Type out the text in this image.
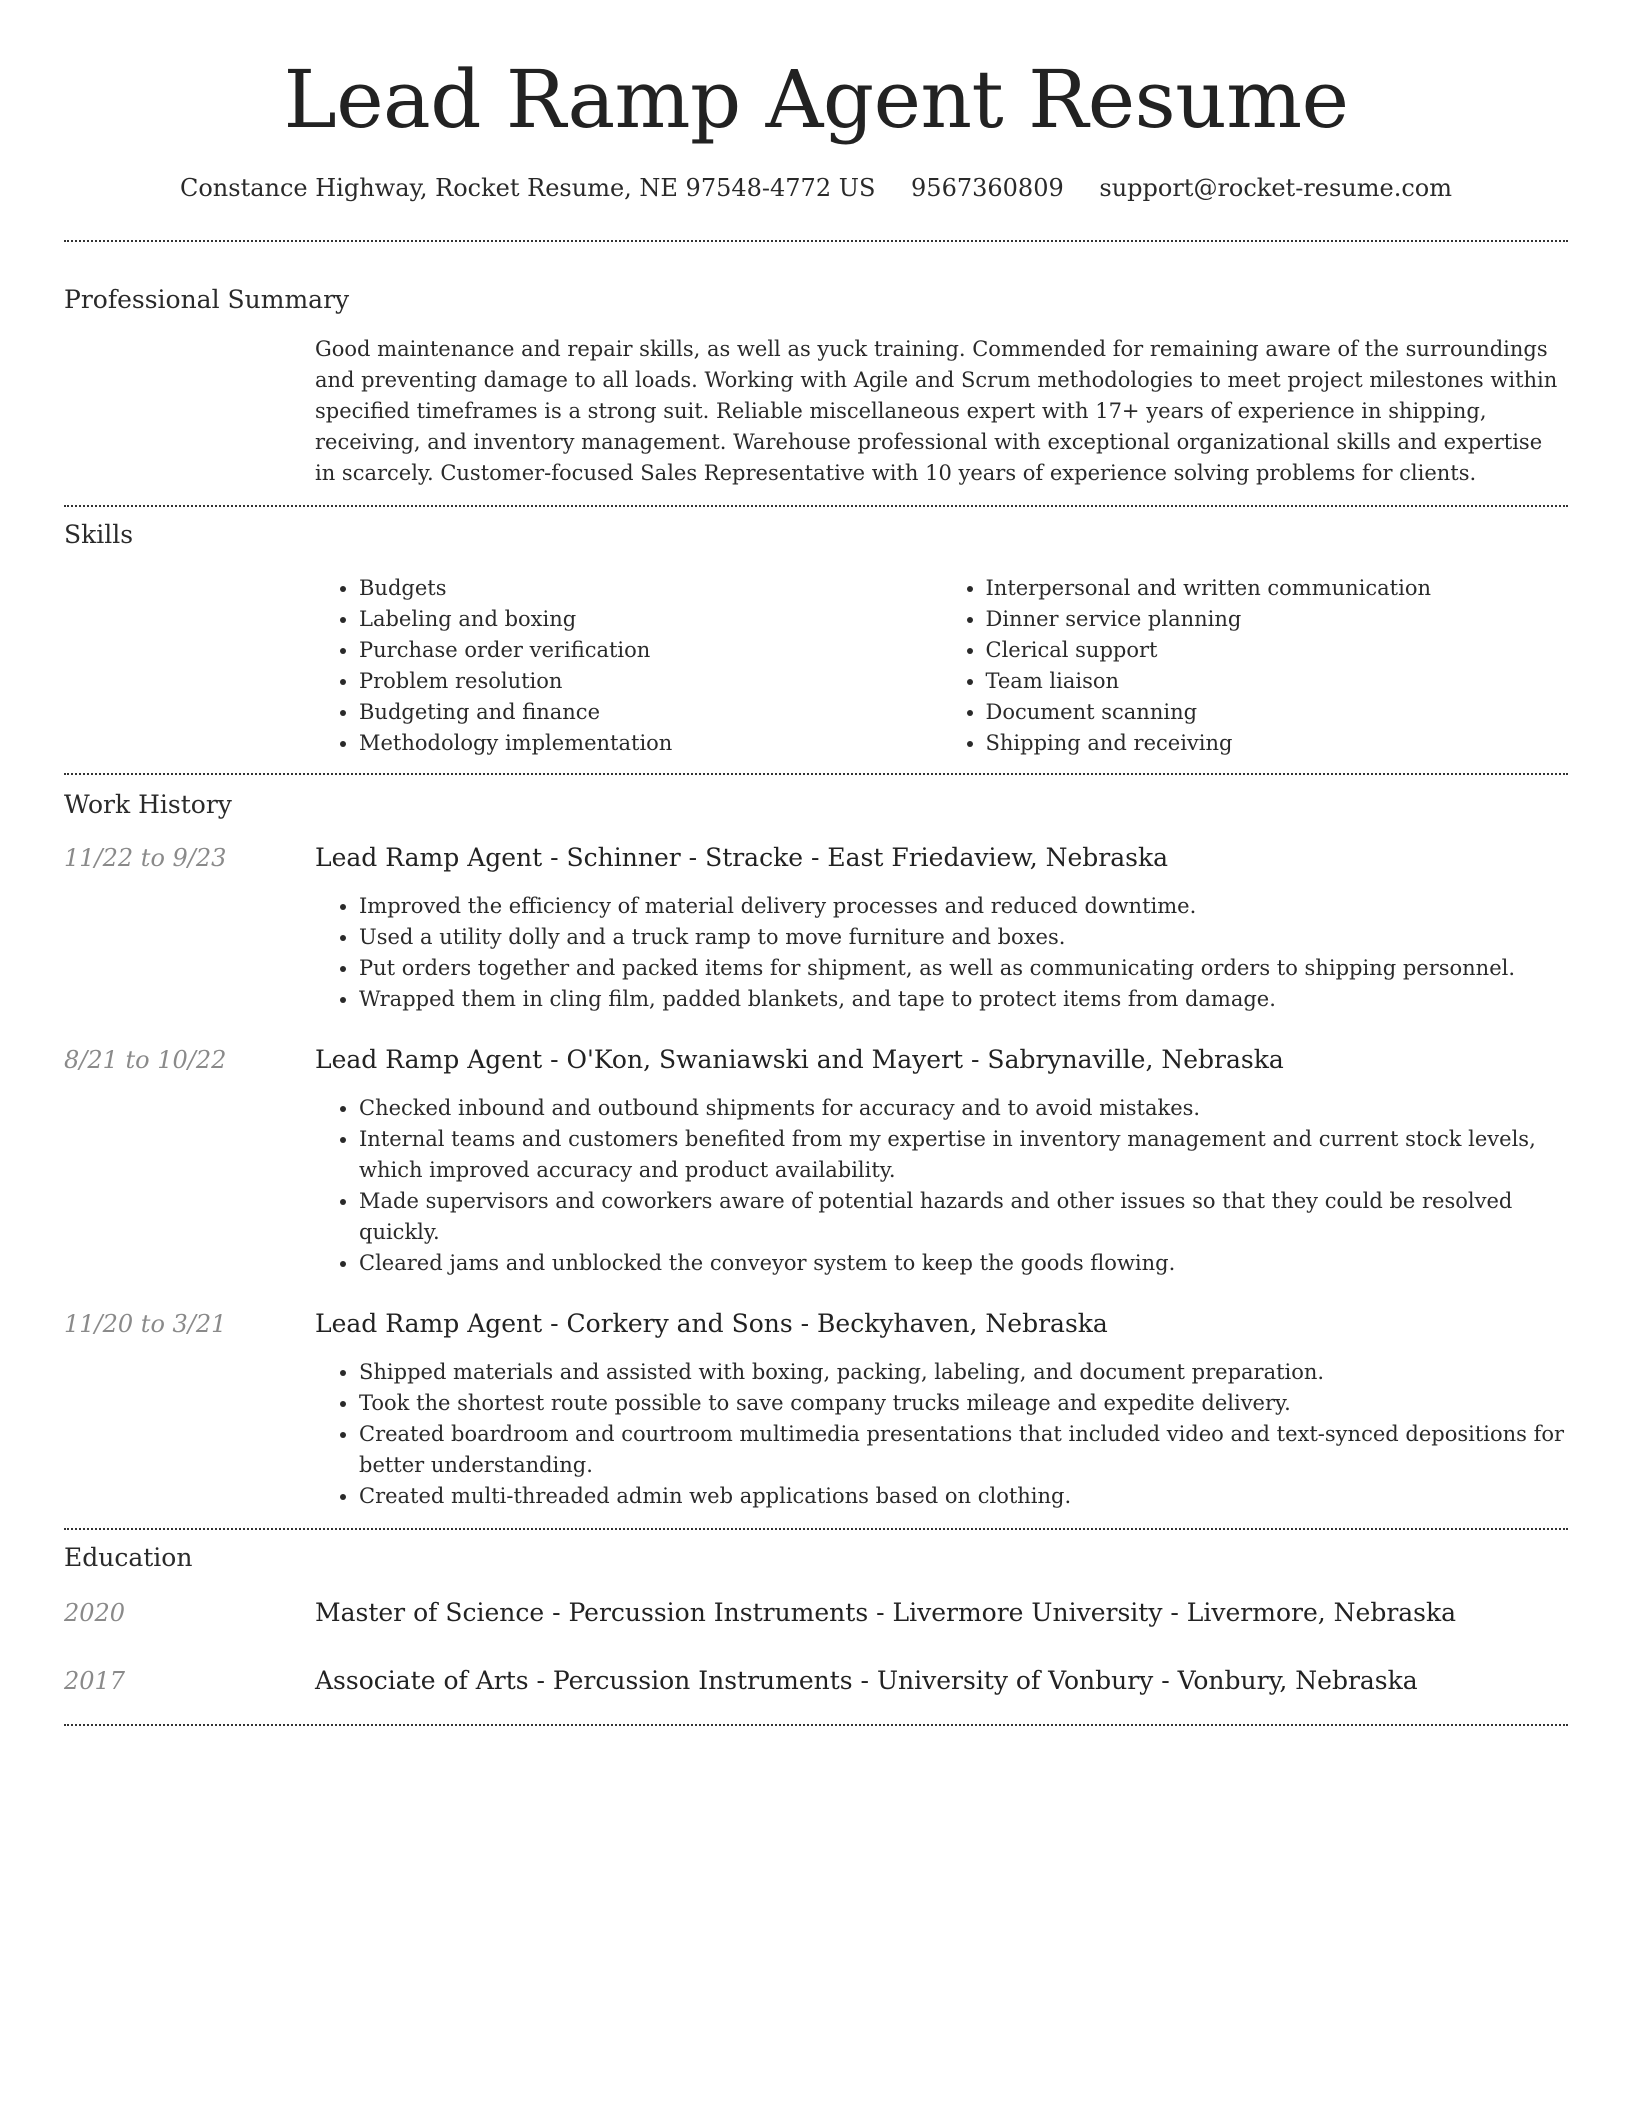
Lead Ramp Agent Resume
Constance Highway, Rocket Resume, NE 97548-4772 US 9567360809 support@rocket-resume.com
Professional Summary

Good maintenance and repair skills, as well as yuck training. Commended for remaining aware of the surroundings and preventing damage to all loads. Working with Agile and Scrum methodologies to meet project milestones within specified timeframes is a strong suit. Reliable miscellaneous expert with 17+ years of experience in shipping, receiving, and inventory management. Warehouse professional with exceptional organizational skills and expertise in scarcely. Customer-focused Sales Representative with 10 years of experience solving problems for clients.

Skills
• Budgets
• Labeling and boxing
• Purchase order verification
• Problem resolution
• Budgeting and finance
• Methodology implementation
• Interpersonal and written communication
• Dinner service planning
• Clerical support
• Team liaison
• Document scanning
• Shipping and receiving
Work History
11/22 to 9/23	Lead Ramp Agent - Schinner - Stracke - East Friedaview, Nebraska
• Improved the efficiency of material delivery processes and reduced downtime.
• Used a utility dolly and a truck ramp to move furniture and boxes.
• Put orders together and packed items for shipment, as well as communicating orders to shipping personnel.
• Wrapped them in cling film, padded blankets, and tape to protect items from damage.
8/21 to 10/22	Lead Ramp Agent - O'Kon, Swaniawski and Mayert - Sabrynaville, Nebraska
• Checked inbound and outbound shipments for accuracy and to avoid mistakes.
• Internal teams and customers benefited from my expertise in inventory management and current stock levels, which improved accuracy and product availability.
• Made supervisors and coworkers aware of potential hazards and other issues so that they could be resolved quickly.
• Cleared jams and unblocked the conveyor system to keep the goods flowing.
11/20 to 3/21	Lead Ramp Agent - Corkery and Sons - Beckyhaven, Nebraska
• Shipped materials and assisted with boxing, packing, labeling, and document preparation.
• Took the shortest route possible to save company trucks mileage and expedite delivery.
• Created boardroom and courtroom multimedia presentations that included video and text-synced depositions for better understanding.
• Created multi-threaded admin web applications based on clothing.
Education
2020	Master of Science - Percussion Instruments - Livermore University - Livermore, Nebraska
2017	Associate of Arts - Percussion Instruments - University of Vonbury - Vonbury, Nebraska
